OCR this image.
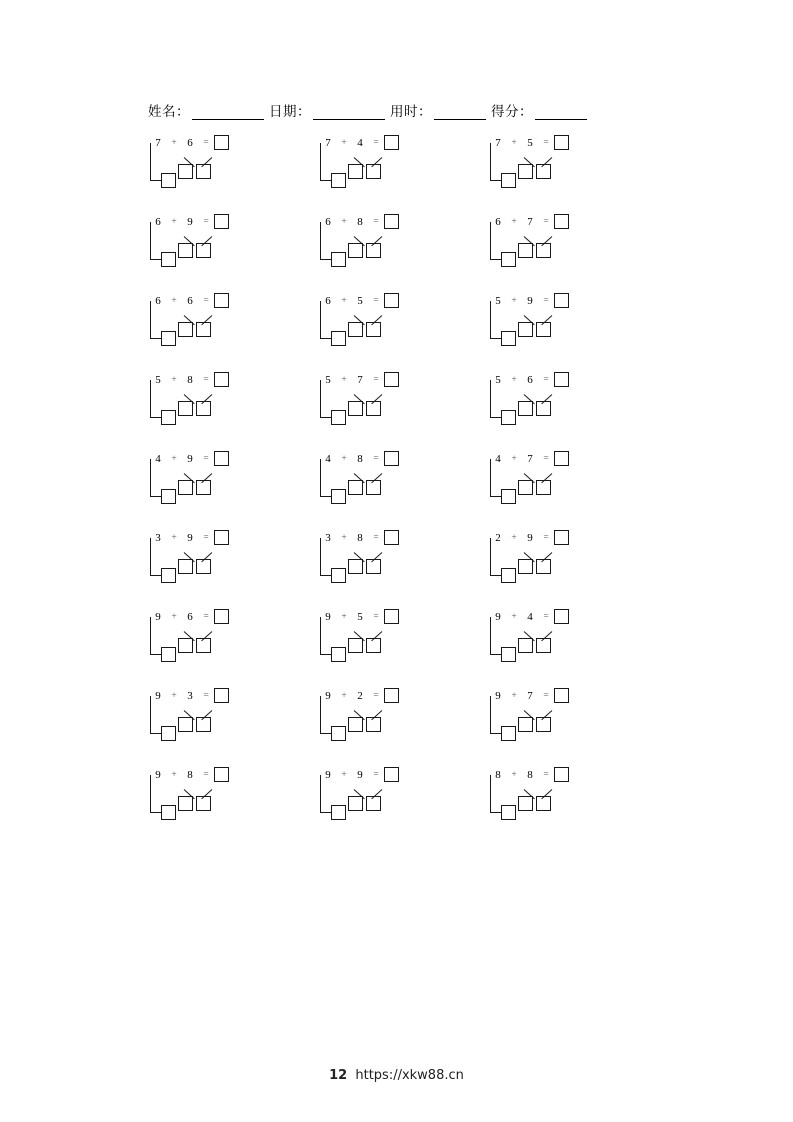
姓名：	日期：	用时：	得分：
7	+ 6	=	7	+ 4	=	7	+ 5	=
6	+ 9	=	6	+ 8	=	6	+ 7	=
6	+ 6	=	6	+ 5	=	5	+ 9	=
5	+ 8	=	5	+ 7	=	5	+ 6	=
4	+ 9	=	4	+ 8	=	4	+ 7	=
3	+ 9	=	3	+ 8	=	2	+ 9	=
9	+ 6	=	9	+ 5	=	9	+ 4	=
9	+ 3	=	9	+ 2	=	9	+ 7	=
9	+ 8	=	9	+ 9	=	8	+ 8	=
12 https://xkw88.cn
